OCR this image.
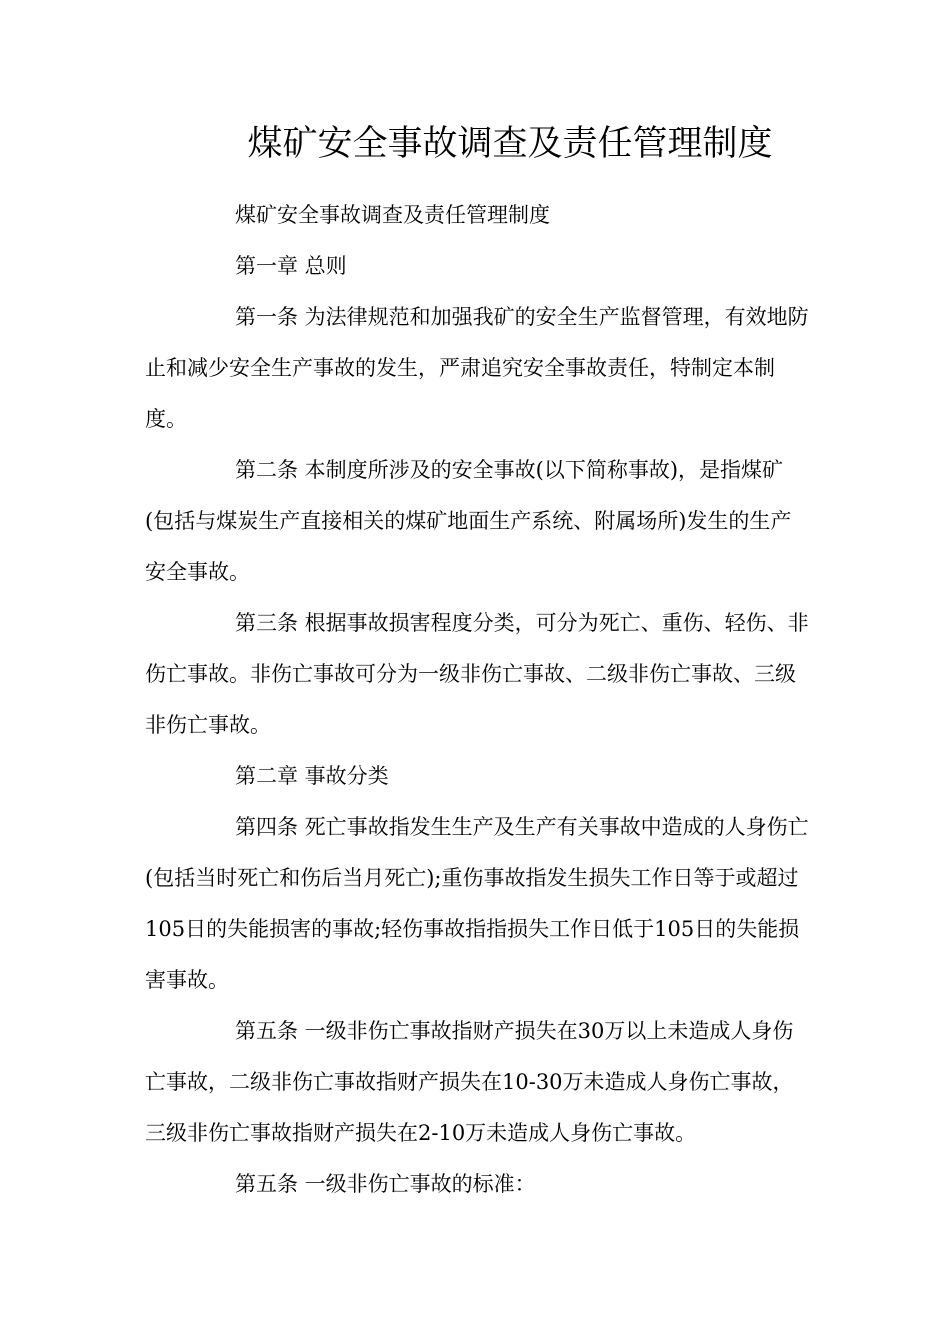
煤矿安全事故调查及责任管理制度

煤矿安全事故调查及责任管理制度

第一章 总则

第一条 为法律规范和加强我矿的安全生产监督管理，有效地防止和减少安全生产事故的发生，严肃追究安全事故责任，特制定本制度。

第二条 本制度所涉及的安全事故(以下简称事故)，是指煤矿(包括与煤炭生产直接相关的煤矿地面生产系统、附属场所)发生的生产安全事故。

第三条 根据事故损害程度分类，可分为死亡、重伤、轻伤、非伤亡事故。非伤亡事故可分为一级非伤亡事故、二级非伤亡事故、三级非伤亡事故。

第二章 事故分类

第四条 死亡事故指发生生产及生产有关事故中造成的人身伤亡(包括当时死亡和伤后当月死亡);重伤事故指发生损失工作日等于或超过105日的失能损害的事故;轻伤事故指指损失工作日低于105日的失能损害事故。

第五条 一级非伤亡事故指财产损失在30万以上未造成人身伤亡事故，二级非伤亡事故指财产损失在10-30万未造成人身伤亡事故，三级非伤亡事故指财产损失在2-10万未造成人身伤亡事故。

第五条 一级非伤亡事故的标准：
